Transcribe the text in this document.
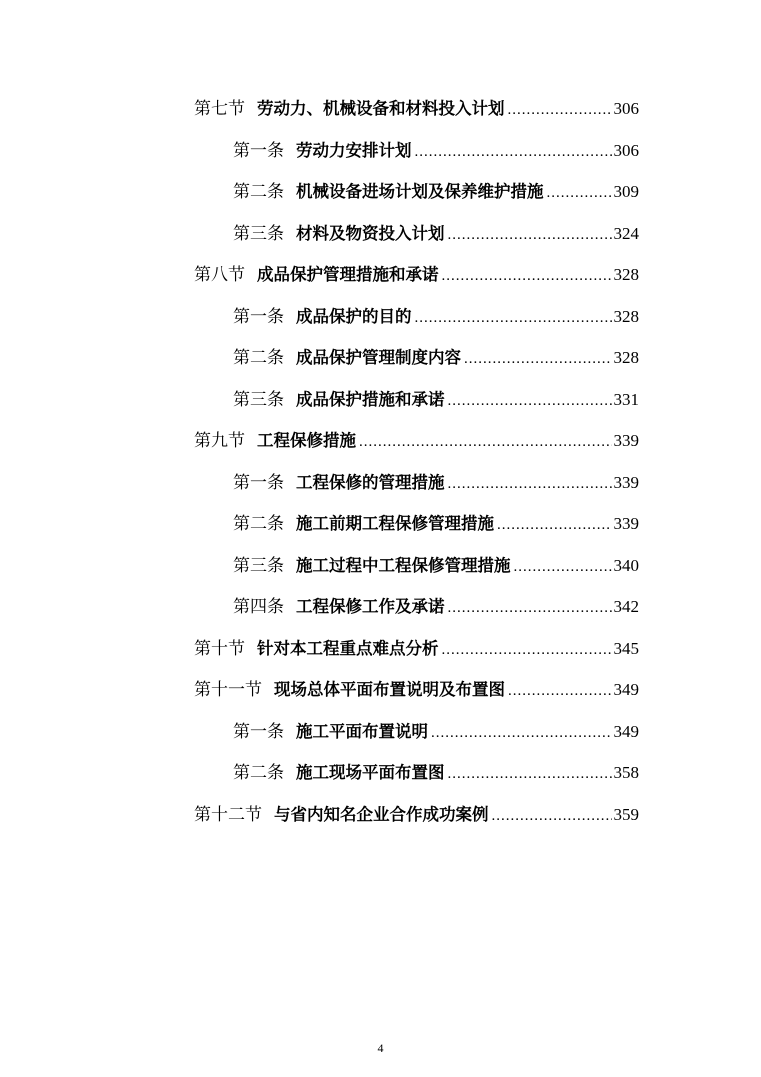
第七节 劳动力、机械设备和材料投入计划 .....	306
第一条 劳动力安排计划 .....	306
第二条 机械设备进场计划及保养维护措施 .....	309
第三条 材料及物资投入计划 .....	324
第八节 成品保护管理措施和承诺 .....	328
第一条 成品保护的目的 .....	328
第二条 成品保护管理制度内容 .....	328
第三条 成品保护措施和承诺 .....	331
第九节 工程保修措施 .....	339
第一条 工程保修的管理措施 .....	339
第二条 施工前期工程保修管理措施 .....	339
第三条 施工过程中工程保修管理措施 .....	340
第四条 工程保修工作及承诺 .....	342
第十节 针对本工程重点难点分析 .....	345
第十一节 现场总体平面布置说明及布置图 .....	349
第一条 施工平面布置说明 .....	349
第二条 施工现场平面布置图 .....	358
第十二节 与省内知名企业合作成功案例 .....	359
4
